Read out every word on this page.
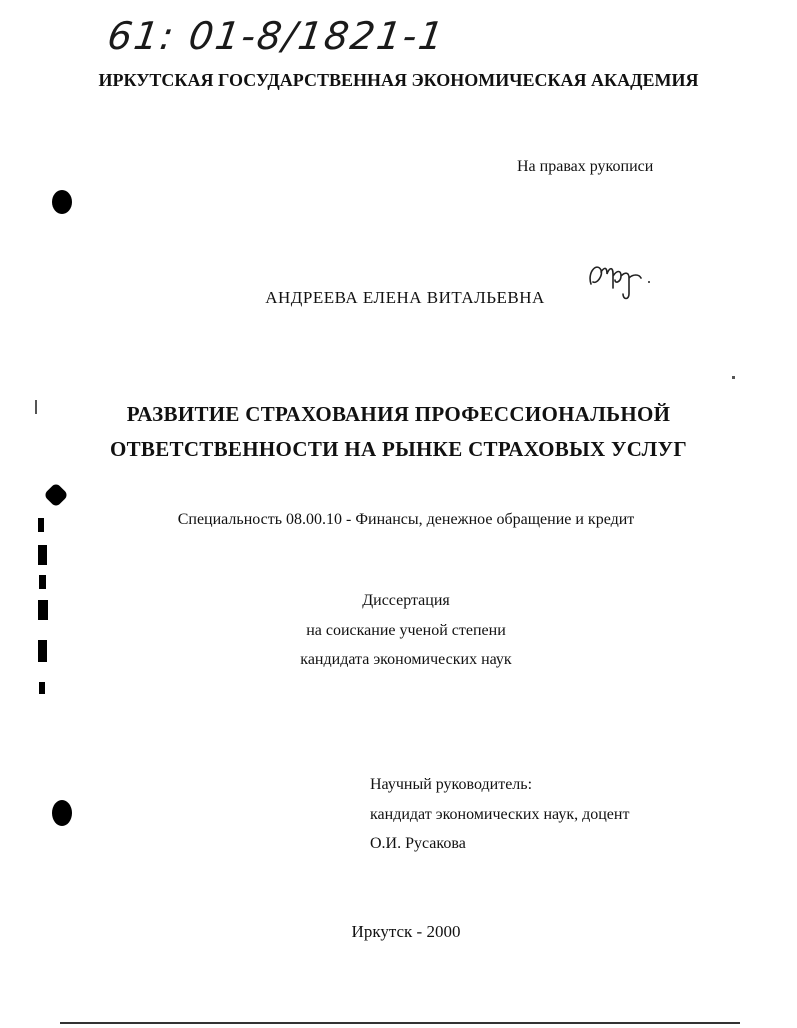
61: 01-8/1821-1
ИРКУТСКАЯ ГОСУДАРСТВЕННАЯ ЭКОНОМИЧЕСКАЯ АКАДЕМИЯ
На правах рукописи
АНДРЕЕВА ЕЛЕНА ВИТАЛЬЕВНА
РАЗВИТИЕ СТРАХОВАНИЯ ПРОФЕССИОНАЛЬНОЙ
ОТВЕТСТВЕННОСТИ НА РЫНКЕ СТРАХОВЫХ УСЛУГ
Специальность 08.00.10 - Финансы, денежное обращение и кредит
Диссертация
на соискание ученой степени
кандидата экономических наук
Научный руководитель:
кандидат экономических наук, доцент
О.И. Русакова
Иркутск - 2000
